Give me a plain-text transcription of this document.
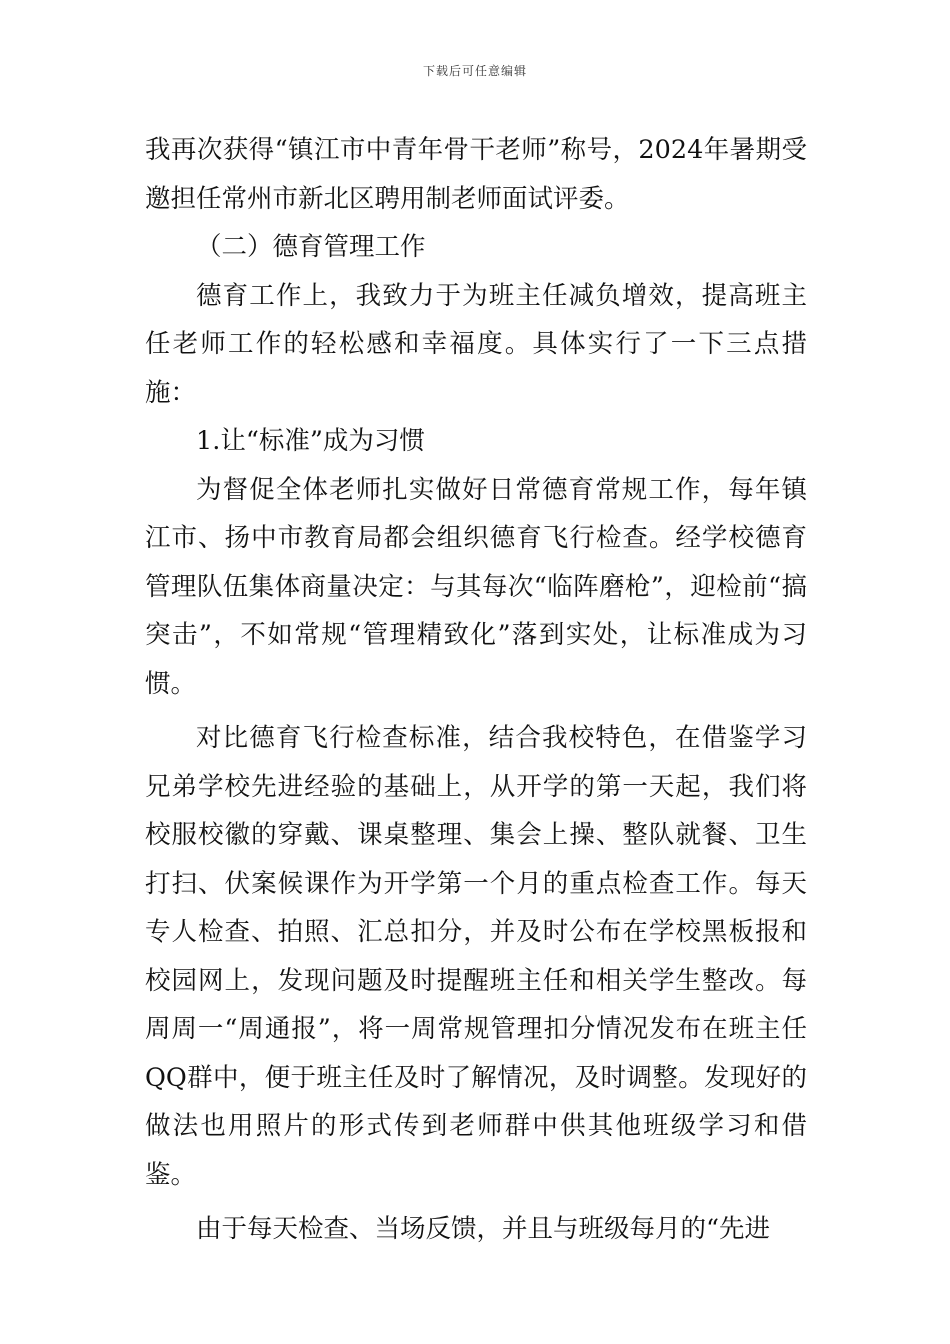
下载后可任意编辑

我再次获得“镇江市中青年骨干老师”称号，2024年暑期受邀担任常州市新北区聘用制老师面试评委。

（二）德育管理工作

德育工作上，我致力于为班主任减负增效，提高班主任老师工作的轻松感和幸福度。具体实行了一下三点措施：

1.让“标准”成为习惯

为督促全体老师扎实做好日常德育常规工作，每年镇江市、扬中市教育局都会组织德育飞行检查。经学校德育管理队伍集体商量决定：与其每次“临阵磨枪”，迎检前“搞突击”，不如常规“管理精致化”落到实处，让标准成为习惯。

对比德育飞行检查标准，结合我校特色，在借鉴学习兄弟学校先进经验的基础上，从开学的第一天起，我们将校服校徽的穿戴、课桌整理、集会上操、整队就餐、卫生打扫、伏案候课作为开学第一个月的重点检查工作。每天专人检查、拍照、汇总扣分，并及时公布在学校黑板报和校园网上，发现问题及时提醒班主任和相关学生整改。每周周一“周通报”，将一周常规管理扣分情况发布在班主任QQ群中，便于班主任及时了解情况，及时调整。发现好的做法也用照片的形式传到老师群中供其他班级学习和借鉴。

由于每天检查、当场反馈，并且与班级每月的“先进
